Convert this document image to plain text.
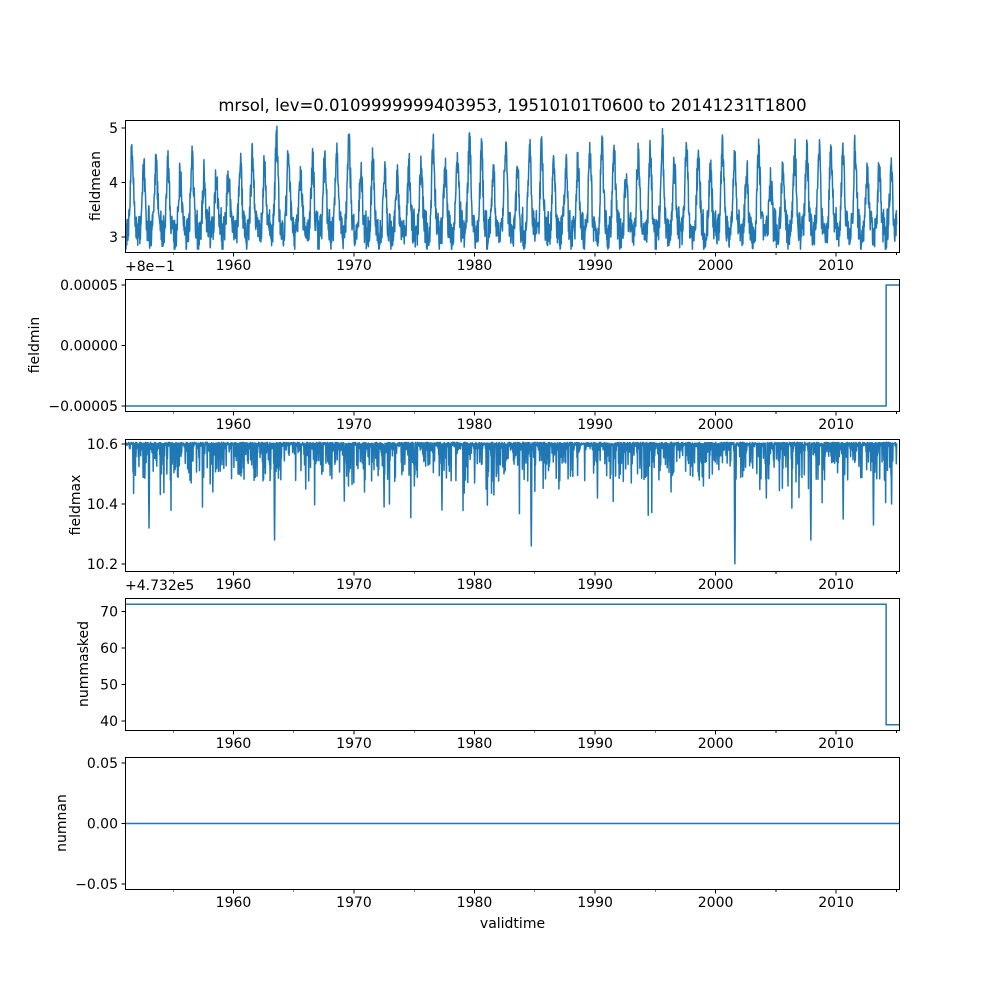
mrsol, lev=0.0109999999403953, 19510101T0600 to 20141231T1800
fieldmean
3
4
5
1960	1970	1980	1990	2000	2010
fieldmin
+8e−1
−0.00005
0.00000
0.00005
1960	1970	1980	1990	2000	2010
fieldmax
10.2
10.4
10.6
1960	1970	1980	1990	2000	2010
nummasked
+4.732e5
40
50
60
70
1960	1970	1980	1990	2000	2010
numnan
−0.05
0.00
0.05
1960	1970	1980	1990	2000	2010
validtime
